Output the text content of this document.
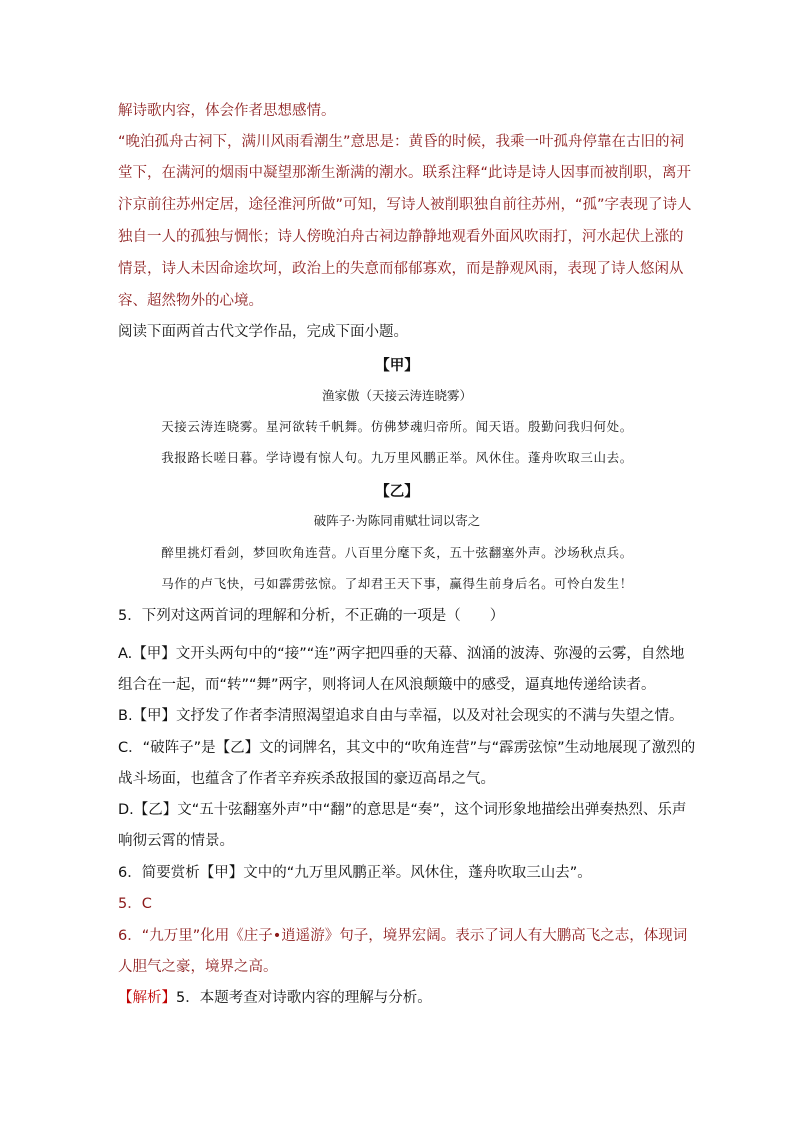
解诗歌内容，体会作者思想感情。
“晚泊孤舟古祠下，满川风雨看潮生”意思是：黄昏的时候，我乘一叶孤舟停靠在古旧的祠
堂下，在满河的烟雨中凝望那渐生渐满的潮水。联系注释“此诗是诗人因事而被削职，离开
汴京前往苏州定居，途径淮河所做”可知，写诗人被削职独自前往苏州，“孤”字表现了诗人
独自一人的孤独与惆怅；诗人傍晚泊舟古祠边静静地观看外面风吹雨打，河水起伏上涨的
情景，诗人未因命途坎坷，政治上的失意而郁郁寡欢，而是静观风雨，表现了诗人悠闲从
容、超然物外的心境。
阅读下面两首古代文学作品，完成下面小题。
【甲】
渔家傲（天接云涛连晓雾）
天接云涛连晓雾。星河欲转千帆舞。仿佛梦魂归帝所。闻天语。殷勤问我归何处。
我报路长嗟日暮。学诗谩有惊人句。九万里风鹏正举。风休住。蓬舟吹取三山去。
【乙】
破阵子·为陈同甫赋壮词以寄之
醉里挑灯看剑，梦回吹角连营。八百里分麾下炙，五十弦翻塞外声。沙场秋点兵。
马作的卢飞快，弓如霹雳弦惊。了却君王天下事，赢得生前身后名。可怜白发生！
5．下列对这两首词的理解和分析，不正确的一项是（　　）
A.【甲】文开头两句中的“接”“连”两字把四垂的天幕、汹涌的波涛、弥漫的云雾，自然地
组合在一起，而“转”“舞”两字，则将词人在风浪颠簸中的感受，逼真地传递给读者。
B.【甲】文抒发了作者李清照渴望追求自由与幸福，以及对社会现实的不满与失望之情。
C．“破阵子”是【乙】文的词牌名，其文中的“吹角连营”与“霹雳弦惊”生动地展现了激烈的
战斗场面，也蕴含了作者辛弃疾杀敌报国的豪迈高昂之气。
D.【乙】文“五十弦翻塞外声”中“翻”的意思是“奏”，这个词形象地描绘出弹奏热烈、乐声
响彻云霄的情景。
6．简要赏析【甲】文中的“九万里风鹏正举。风休住，蓬舟吹取三山去”。
5．C
6．“九万里”化用《庄子•逍遥游》句子，境界宏阔。表示了词人有大鹏高飞之志，体现词
人胆气之豪，境界之高。
【解析】5．本题考查对诗歌内容的理解与分析。
